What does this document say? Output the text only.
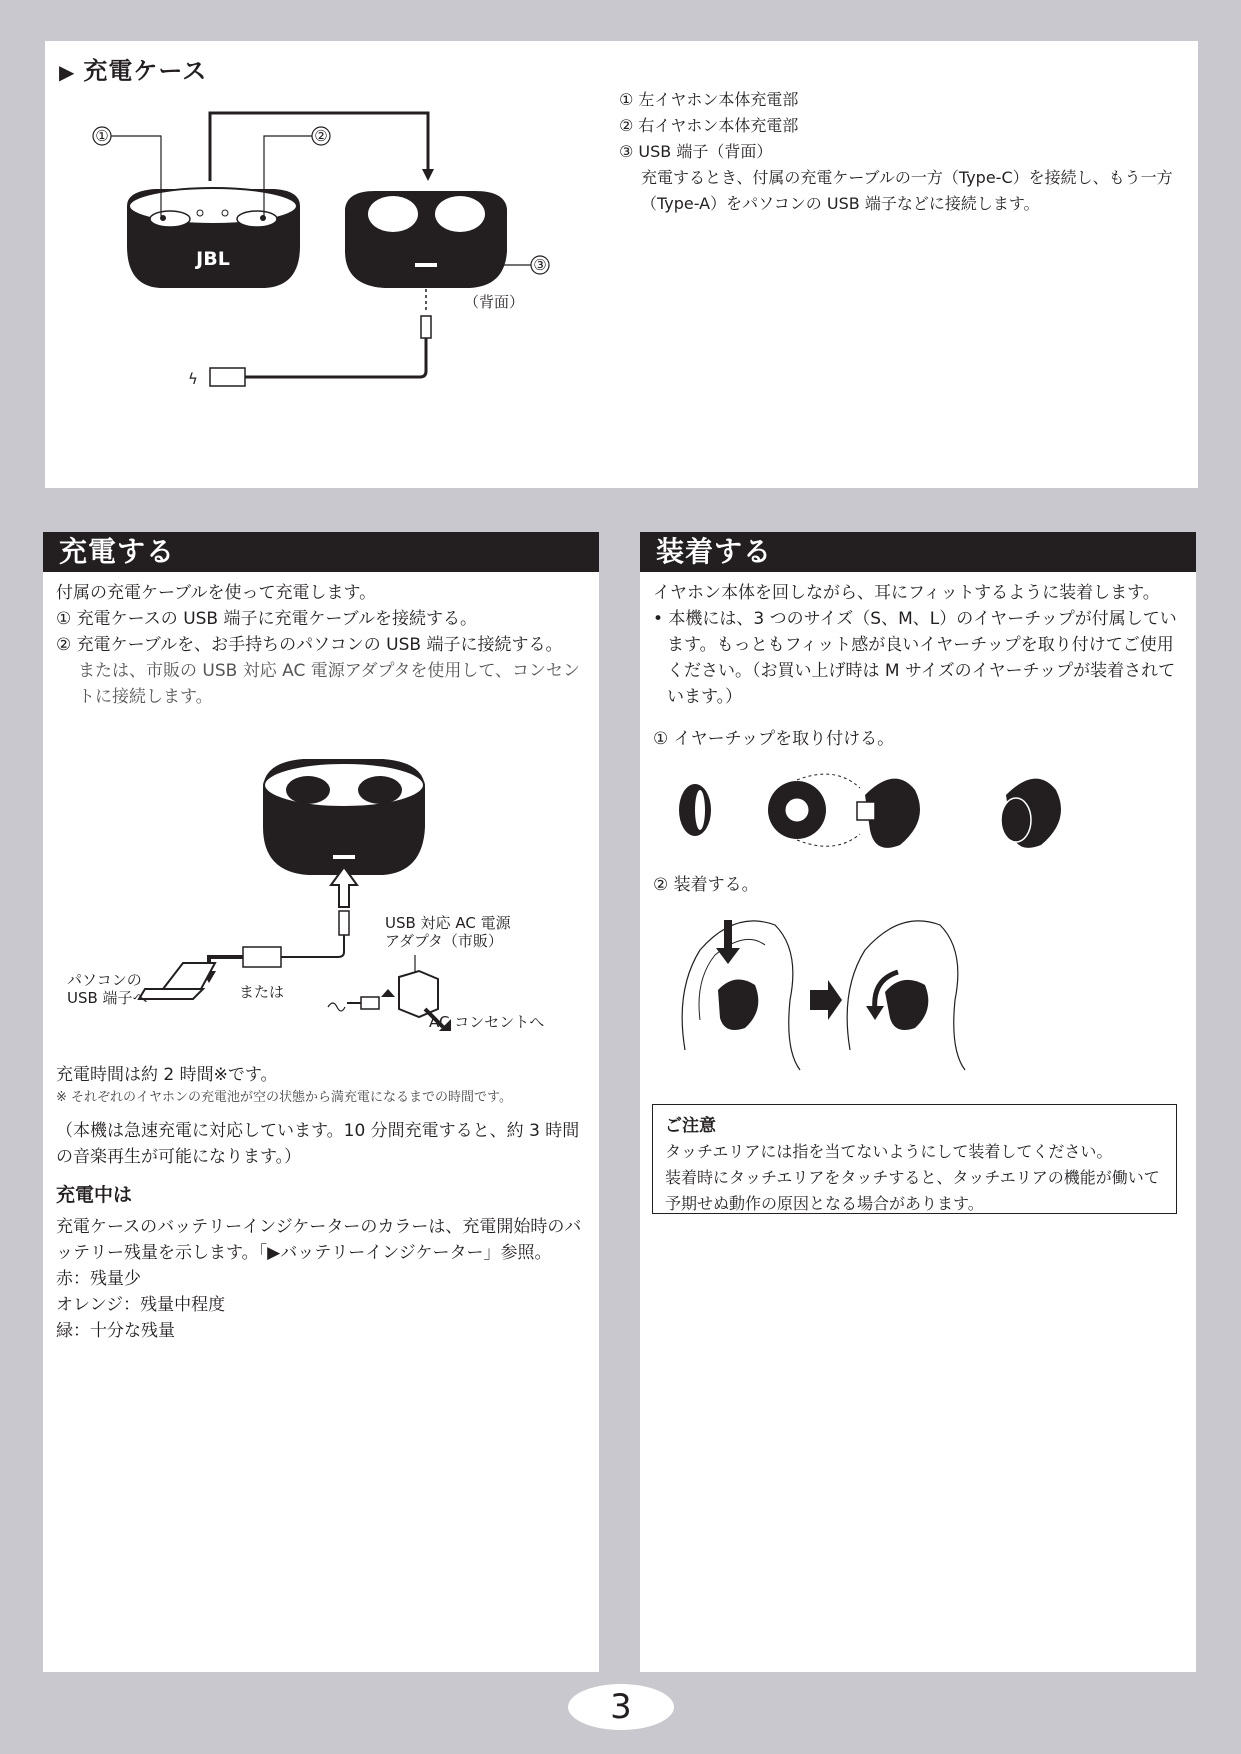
▶ 充電ケース
JBL
①	②
③
（背面）
ϟ
① 左イヤホン本体充電部
② 右イヤホン本体充電部
③ USB 端子（背面）
充電するとき、付属の充電ケーブルの一方（Type-C）を接続し、もう一方（Type-A）をパソコンの USB 端子などに接続します。
充電する

付属の充電ケーブルを使って充電します。

① 充電ケースの USB 端子に充電ケーブルを接続する。

② 充電ケーブルを、お手持ちのパソコンの USB 端子に接続する。

または、市販の USB 対応 AC 電源アダプタを使用して、コンセントに接続します。

パソコンの
USB 端子へ	または
USB 対応 AC 電源
アダプタ（市販）
AC コンセントへ

充電時間は約 2 時間※です。

※ それぞれのイヤホンの充電池が空の状態から満充電になるまでの時間です。

（本機は急速充電に対応しています。10 分間充電すると、約 3 時間の音楽再生が可能になります。）

充電中は

充電ケースのバッテリーインジケーターのカラーは、充電開始時のバッテリー残量を示します。「▶バッテリーインジケーター」参照。

赤：残量少

オレンジ：残量中程度

緑：十分な残量

装着する

イヤホン本体を回しながら、耳にフィットするように装着します。

• 本機には、3 つのサイズ（S、M、L）のイヤーチップが付属しています。もっともフィット感が良いイヤーチップを取り付けてご使用ください。（お買い上げ時は M サイズのイヤーチップが装着されています。）

① イヤーチップを取り付ける。

② 装着する。

ご注意
タッチエリアには指を当てないようにして装着してください。
装着時にタッチエリアをタッチすると、タッチエリアの機能が働いて予期せぬ動作の原因となる場合があります。
3
